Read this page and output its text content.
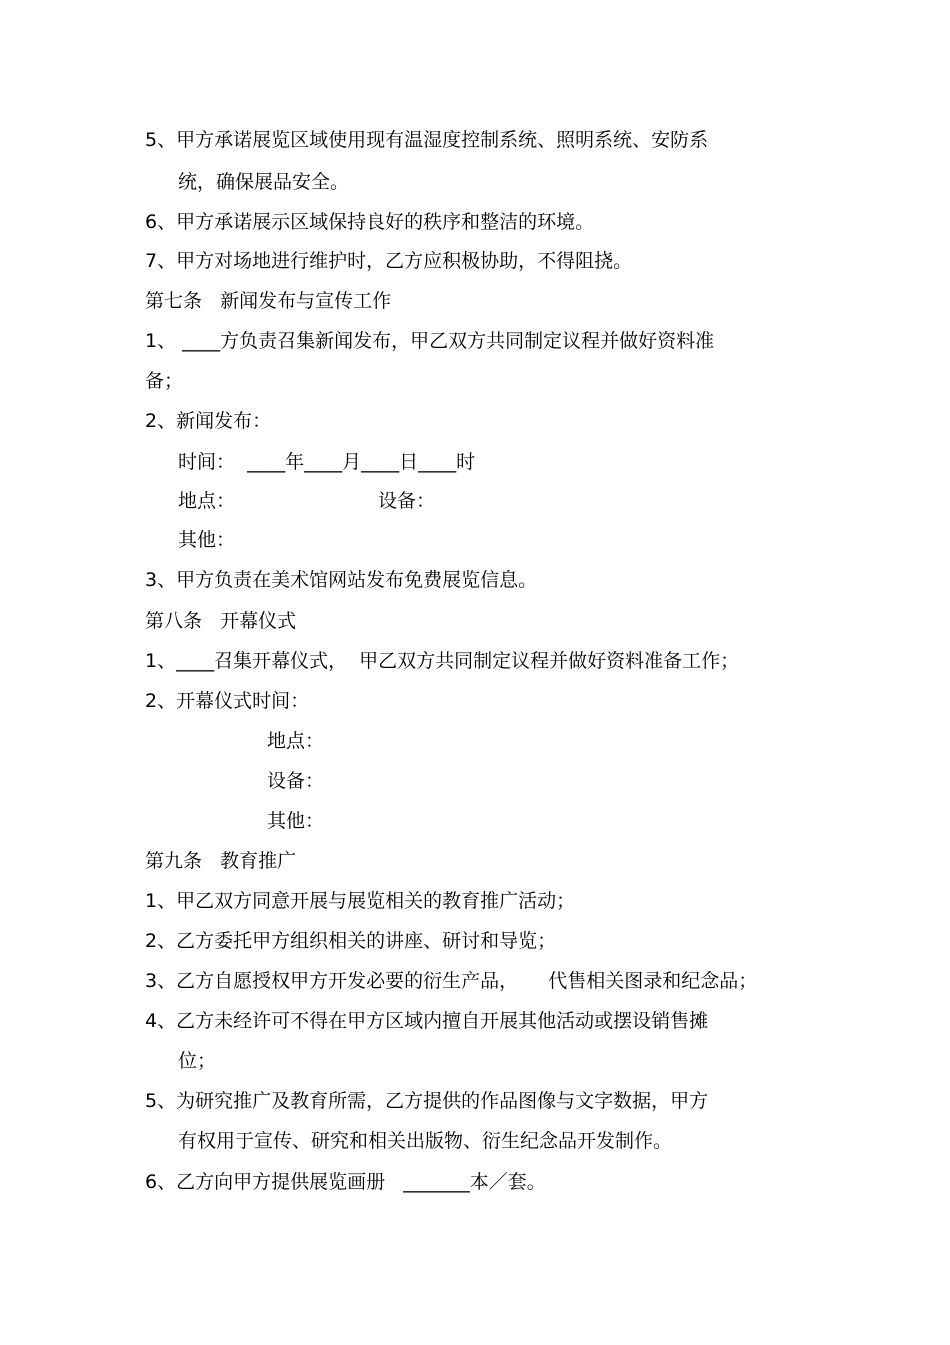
5、甲方承诺展览区域使用现有温湿度控制系统、照明系统、安防系
统，确保展品安全。
6、甲方承诺展示区域保持良好的秩序和整洁的环境。
7、甲方对场地进行维护时，乙方应积极协助，不得阻挠。
第七条   新闻发布与宣传工作
1、 ____方负责召集新闻发布，甲乙双方共同制定议程并做好资料准
备；
2、新闻发布：
时间：  ____年____月____日____时
地点：	设备：
其他：
3、甲方负责在美术馆网站发布免费展览信息。
第八条   开幕仪式
1、____召集开幕仪式，  甲乙双方共同制定议程并做好资料准备工作；
2、开幕仪式时间：
地点：
设备：
其他：
第九条   教育推广
1、甲乙双方同意开展与展览相关的教育推广活动；
2、乙方委托甲方组织相关的讲座、研讨和导览；
3、乙方自愿授权甲方开发必要的衍生产品，     代售相关图录和纪念品；
4、乙方未经许可不得在甲方区域内擅自开展其他活动或摆设销售摊
位；
5、为研究推广及教育所需，乙方提供的作品图像与文字数据，甲方
有权用于宣传、研究和相关出版物、衍生纪念品开发制作。
6、乙方向甲方提供展览画册   _______本／套。
